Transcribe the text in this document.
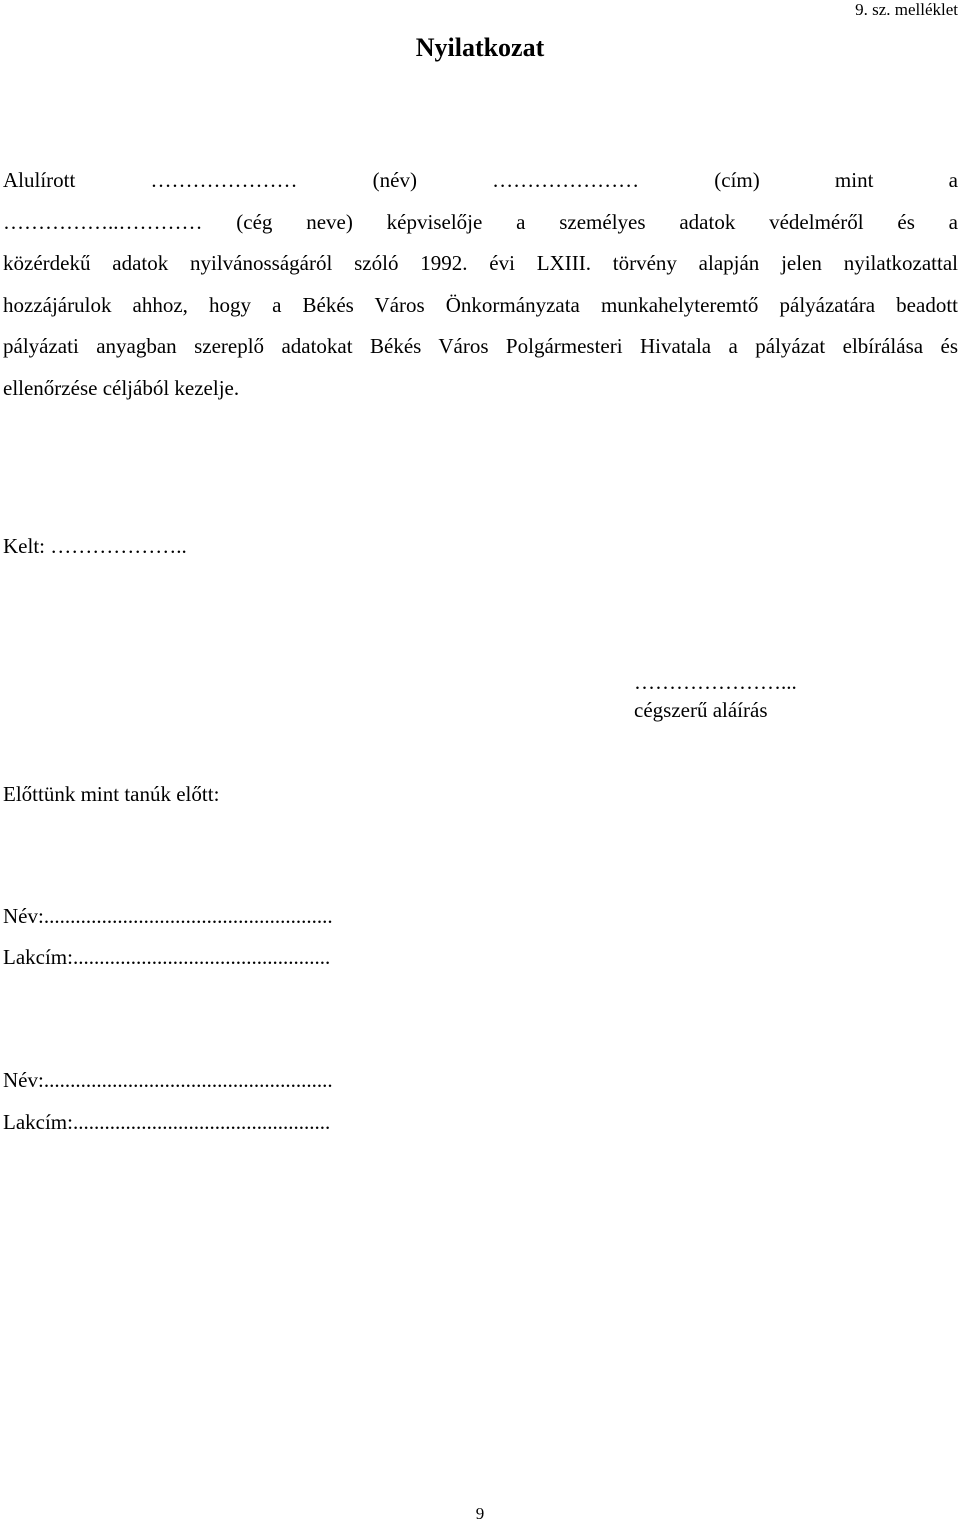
9. sz. melléklet
Nyilatkozat
Alulírott	…………………	(név)	…………………	(cím)	mint	a
……………..………… (cég neve) képviselője a személyes adatok védelméről és a
közérdekű adatok nyilvánosságáról szóló 1992. évi LXIII. törvény alapján jelen nyilatkozattal
hozzájárulok ahhoz, hogy a Békés Város Önkormányzata munkahelyteremtő pályázatára beadott
pályázati anyagban szereplő adatokat Békés Város Polgármesteri Hivatala a pályázat elbírálása és
ellenőrzése céljából kezelje.
Kelt: ………………..
…………………...
cégszerű aláírás
Előttünk mint tanúk előtt:
Név:.......................................................
Lakcím:.................................................
Név:.......................................................
Lakcím:.................................................
9
